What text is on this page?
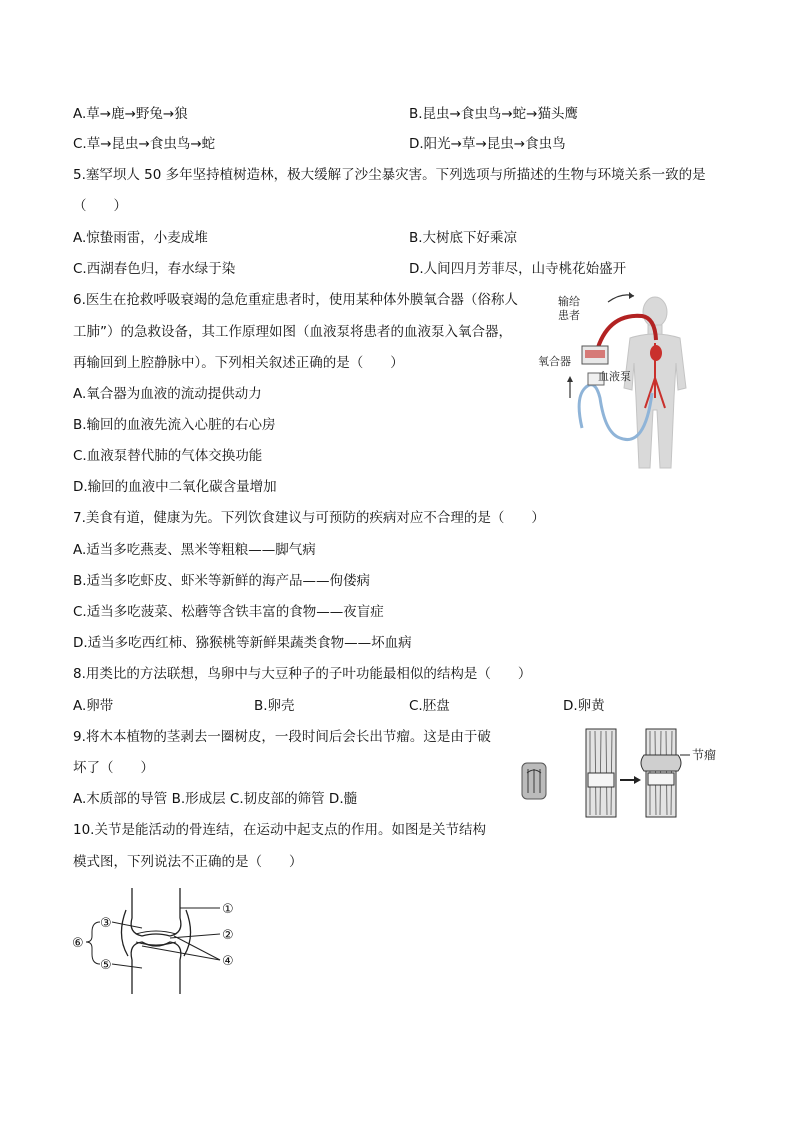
A.草→鹿→野兔→狼	B.昆虫→食虫鸟→蛇→猫头鹰
C.草→昆虫→食虫鸟→蛇	D.阳光→草→昆虫→食虫鸟
5.塞罕坝人 50 多年坚持植树造林，极大缓解了沙尘暴灾害。下列选项与所描述的生物与环境关系一致的是
（　　）
A.惊蛰雨雷，小麦成堆	B.大树底下好乘凉
C.西湖春色归，春水绿于染	D.人间四月芳菲尽，山寺桃花始盛开
6.医生在抢救呼吸衰竭的急危重症患者时，使用某种体外膜氧合器（俗称人
工肺”）的急救设备，其工作原理如图（血液泵将患者的血液泵入氧合器，
再输回到上腔静脉中）。下列相关叙述正确的是（　　）
A.氧合器为血液的流动提供动力
B.输回的血液先流入心脏的右心房
C.血液泵替代肺的气体交换功能
D.输回的血液中二氧化碳含量增加
输给
患者
氧合器
血液泵
7.美食有道，健康为先。下列饮食建议与可预防的疾病对应不合理的是（　　）
A.适当多吃燕麦、黑米等粗粮——脚气病
B.适当多吃虾皮、虾米等新鲜的海产品——佝偻病
C.适当多吃菠菜、松蘑等含铁丰富的食物——夜盲症
D.适当多吃西红柿、猕猴桃等新鲜果蔬类食物——坏血病
8.用类比的方法联想，鸟卵中与大豆种子的子叶功能最相似的结构是（　　）
A.卵带	B.卵壳	C.胚盘	D.卵黄
9.将木本植物的茎剥去一圈树皮，一段时间后会长出节瘤。这是由于破
坏了（　　）
A.木质部的导管 B.形成层 C.韧皮部的筛管 D.髓
节瘤
10.关节是能活动的骨连结，在运动中起支点的作用。如图是关节结构
模式图，下列说法不正确的是（　　）
①
②
③
④
⑤
⑥
